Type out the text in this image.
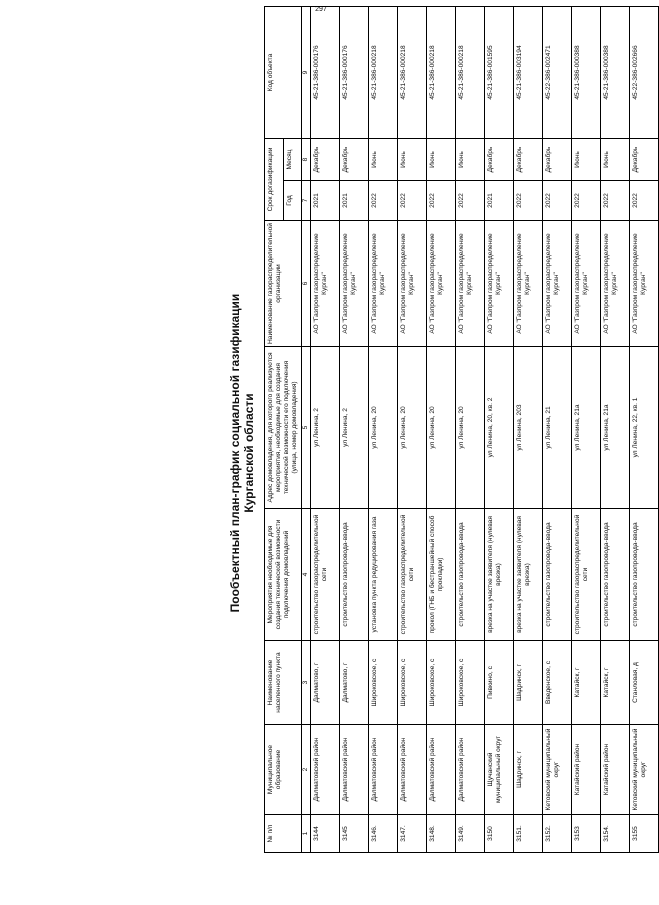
297
Пообъектный план-график социальной газификации Курганской области
№ п/п	Муниципальное образование	Наименование населенного пункта	Мероприятия необходимые для создания технической возможности подключения домовладений	Адрес домовладения, для которого реализуются мероприятия, необходимые для создания технической возможности его подключения (улица, номер домовладения)	Наименование газораспределительной организации	Срок догазификации		Код объекта
						Год	Месяц	
1	2	3	4	5	6	7	8	9
3144	Далматовский район	Далматово, г	строительство газораспределительной сети	ул Ленина, 2	АО "Газпром газораспределение Курган"	2021	Декабрь	45-21-386-000176
3145	Далматовский район	Далматово, г	строительство газопровода-ввода	ул Ленина, 2	АО "Газпром газораспределение Курган"	2021	Декабрь	45-21-386-000176
3146.	Далматовский район	Широковское, с	установка пункта редуцирования газа	ул Ленина, 20	АО "Газпром газораспределение Курган"	2022	Июнь	45-21-386-000218
3147.	Далматовский район	Широковское, с	строительство газораспределительной сети	ул Ленина, 20	АО "Газпром газораспределение Курган"	2022	Июнь	45-21-386-000218
3148.	Далматовский район	Широковское, с	прокол (ГНБ и бестраншейный способ прокладки)	ул Ленина, 20	АО "Газпром газораспределение Курган"	2022	Июнь	45-21-386-000218
3149.	Далматовский район	Широковское, с	строительство газопровода-ввода	ул Ленина, 20	АО "Газпром газораспределение Курган"	2022	Июнь	45-21-386-000218
3150	Щучанский муниципальный округ	Пивкино, с	врезка на участке заявителя (нулевая врезка)	ул Ленина, 20, кв. 2	АО "Газпром газораспределение Курган"	2021	Декабрь	45-21-386-001595
3151.	Шадринск, г	Шадринск, г	врезка на участке заявителя (нулевая врезка)	ул Ленина, 203	АО "Газпром газораспределение Курган"	2022	Декабрь	45-21-386-003194
3152.	Кетовский муниципальный округ	Введенское, с	строительство газопровода-ввода	ул Ленина, 21	АО "Газпром газораспределение Курган"	2022	Декабрь	45-22-386-002471
3153	Катайский район	Катайск, г	строительство газораспределительной сети	ул Ленина, 21а	АО "Газпром газораспределение Курган"	2022	Июнь	45-21-386-000388
3154.	Катайский район	Катайск, г	строительство газопровода-ввода	ул Ленина, 21а	АО "Газпром газораспределение Курган"	2022	Июнь	45-21-386-000388
3155	Кетовский муниципальный округ	Станловая, д	строительство газопровода-ввода	ул Ленина, 22, кв. 1	АО "Газпром газораспределение Курган"	2022	Декабрь	45-22-386-002666
